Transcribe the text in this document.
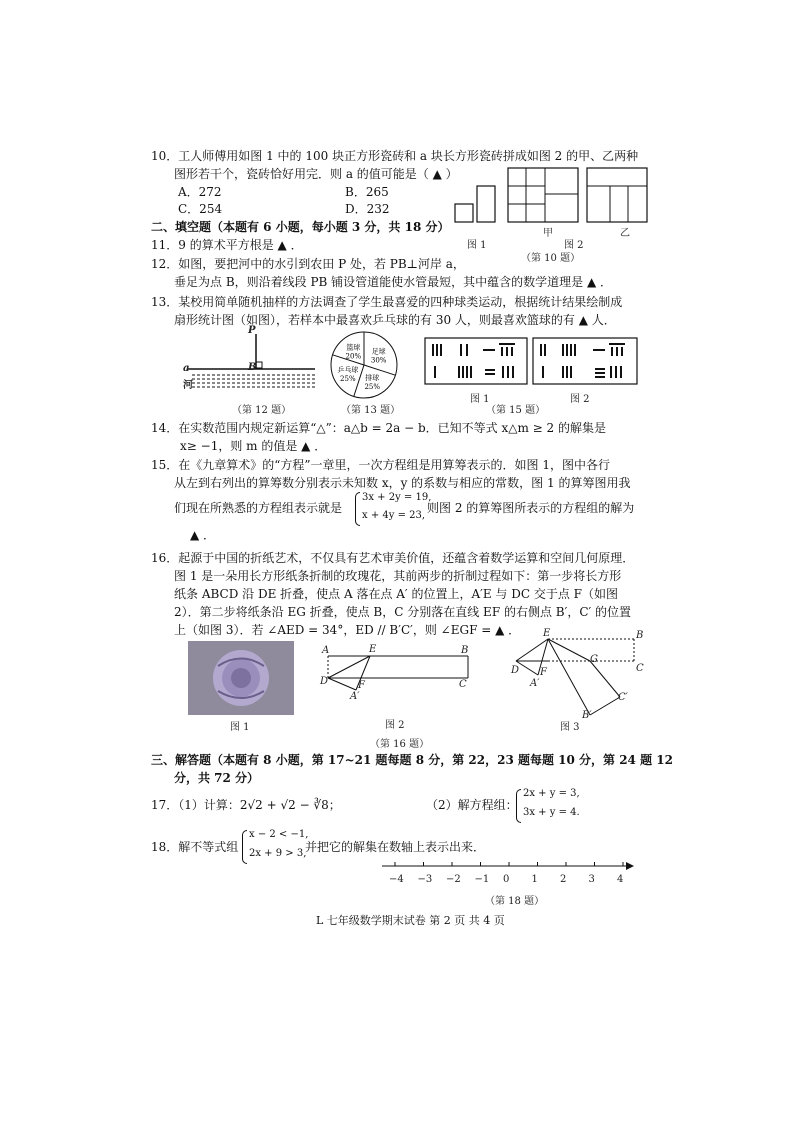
10．工人师傅用如图 1 中的 100 块正方形瓷砖和 a 块长方形瓷砖拼成如图 2 的甲、乙两种
图形若干个，瓷砖恰好用完．则 a 的值可能是（ ▲ ）
A．272	B．265
C．254	D．232
图 1
甲
图 2
乙
（第 10 题）
二、填空题（本题有 6 小题，每小题 3 分，共 18 分）
11．9 的算术平方根是 ▲ ．
12．如图，要把河中的水引到农田 P 处，若 PB⊥河岸 a，
垂足为点 B，则沿着线段 PB 铺设管道能使水管最短，其中蕴含的数学道理是 ▲ ．
13．某校用简单随机抽样的方法调查了学生最喜爱的四种球类运动，根据统计结果绘制成
扇形统计图（如图），若样本中最喜欢乒乓球的有 30 人，则最喜欢篮球的有 ▲ 人．
P
B
a
河
（第 12 题）
足球
30%
排球
25%
乒乓球
25%
篮球
20%
（第 13 题）
图 1	图 2
（第 15 题）
14．在实数范围内规定新运算“△”：a△b = 2a − b．已知不等式 x△m ≥ 2 的解集是
x≥ −1，则 m 的值是 ▲ ．
15．在《九章算术》的“方程”一章里，一次方程组是用算筹表示的．如图 1，图中各行
从左到右列出的算筹数分别表示未知数 x，y 的系数与相应的常数，图 1 的算筹图用我
们现在所熟悉的方程组表示就是
3x + 2y = 19,
x + 4y = 23,
则图 2 的算筹图所表示的方程组的解为
▲ ．
16．起源于中国的折纸艺术，不仅具有艺术审美价值，还蕴含着数学运算和空间几何原理．
图 1 是一朵用长方形纸条折制的玫瑰花，其前两步的折制过程如下：第一步将长方形
纸条 ABCD 沿 DE 折叠，使点 A 落在点 A′ 的位置上，A′E 与 DC 交于点 F（如图
2）．第二步将纸条沿 EG 折叠，使点 B，C 分别落在直线 EF 的右侧点 B′，C′ 的位置
上（如图 3）．若 ∠AED = 34°，ED // B′C′，则 ∠EGF = ▲ ．
图 1
A	E	B
D	F
A′
C
图 2
E	B
G
C
D F
A′
C′
B′
图 3
（第 16 题）
三、解答题（本题有 8 小题，第 17~21 题每题 8 分，第 22，23 题每题 10 分，第 24 题 12
分，共 72 分）
17．（1）计算：2√2 + √2 − ∛8；	（2）解方程组：
2x + y = 3,
3x + y = 4.
18．解不等式组
x − 2 < −1,
2x + 9 > 3,
并把它的解集在数轴上表示出来．
−4 −3 −2 −1 0 1 2 3 4
（第 18 题）
L 七年级数学期末试卷 第 2 页 共 4 页
